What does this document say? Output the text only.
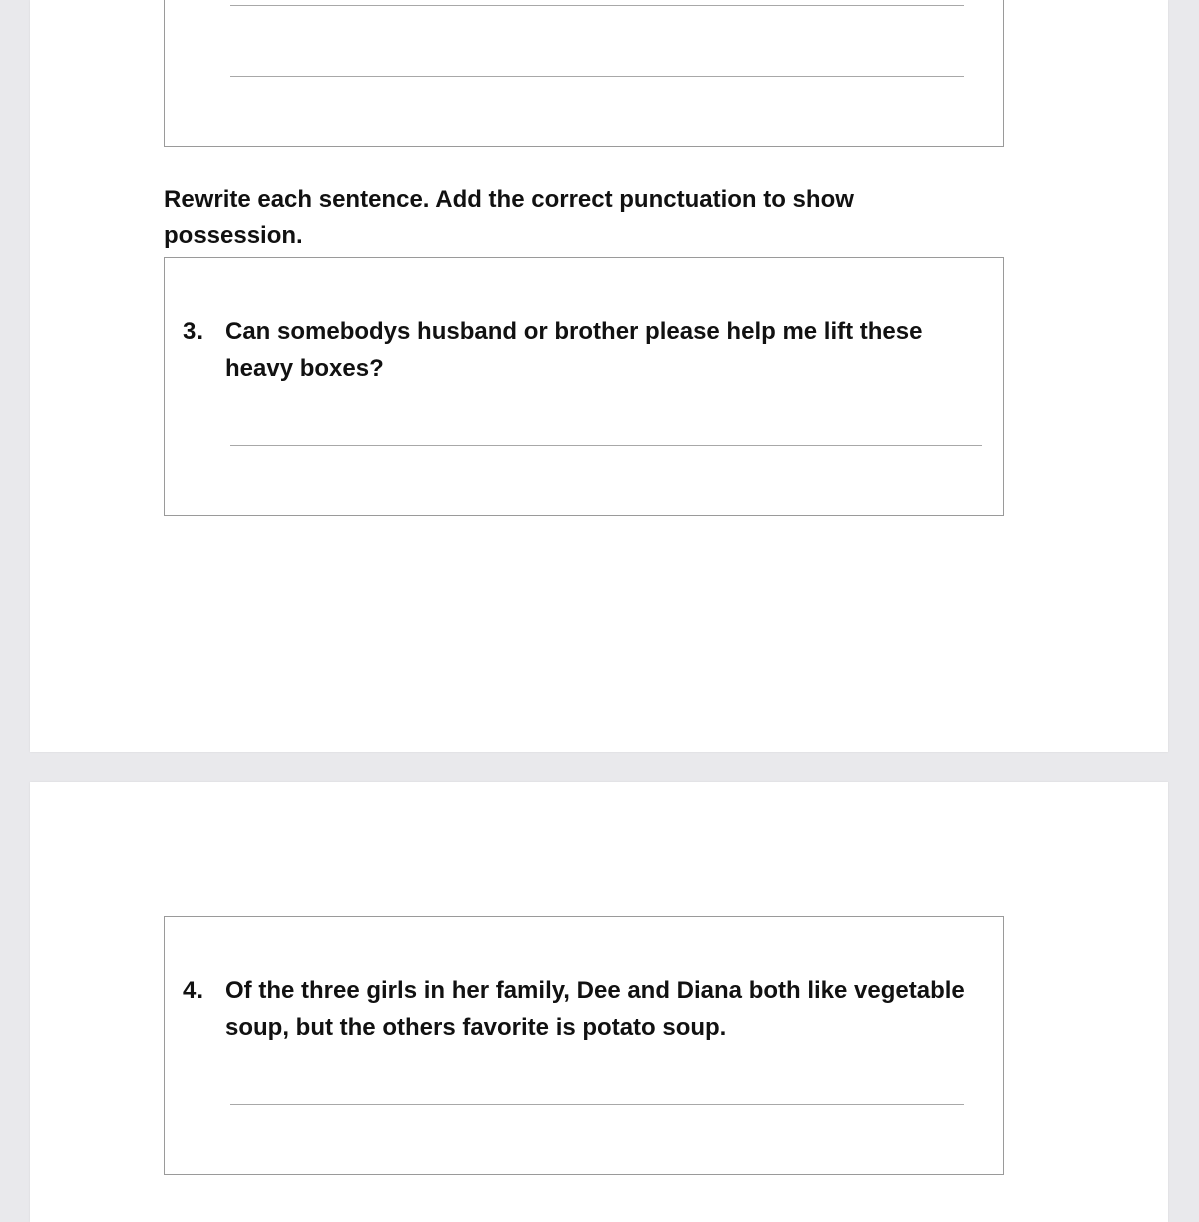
Rewrite each sentence. Add the correct punctuation to show possession.
3. Can somebodys husband or brother please help me lift these heavy boxes?
4. Of the three girls in her family, Dee and Diana both like vegetable soup, but the others favorite is potato soup.
